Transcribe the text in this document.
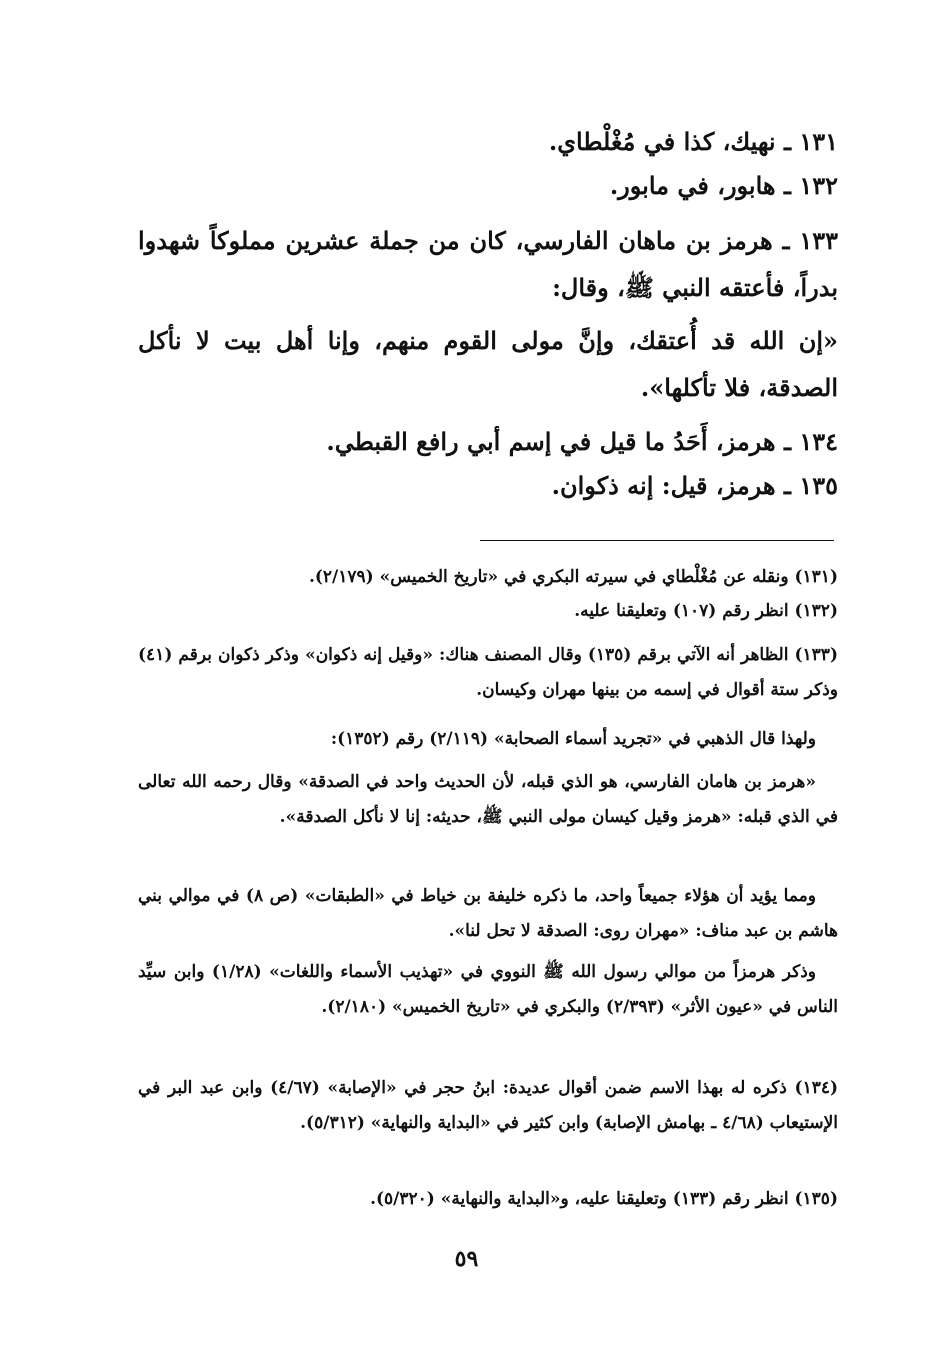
١٣١ ـ نهيك، كذا في مُغْلْطاي.

١٣٢ ـ هابور، في مابور.

١٣٣ ـ هرمز بن ماهان الفارسي، كان من جملة عشرين مملوكاً شهدوا بدراً، فأعتقه النبي ﷺ، وقال:

«إن الله قد أُعتقك، وإنَّ مولى القوم منهم، وإنا أهل بيت لا نأكل الصدقة، فلا تأكلها».

١٣٤ ـ هرمز، أَحَدُ ما قيل في إسم أبي رافع القبطي.

١٣٥ ـ هرمز، قيل: إنه ذكوان.

(١٣١) ونقله عن مُغْلْطاي في سيرته البكري في «تاريخ الخميس» (٢/١٧٩).

(١٣٢) انظر رقم (١٠٧) وتعليقنا عليه.

(١٣٣) الظاهر أنه الآتي برقم (١٣٥) وقال المصنف هناك: «وقيل إنه ذكوان» وذكر ذكوان برقم (٤١) وذكر ستة أقوال في إسمه من بينها مهران وكيسان.

ولهذا قال الذهبي في «تجريد أسماء الصحابة» (٢/١١٩) رقم (١٣٥٢):

«هرمز بن هامان الفارسي، هو الذي قبله، لأن الحديث واحد في الصدقة» وقال رحمه الله تعالى في الذي قبله: «هرمز وقيل كيسان مولى النبي ﷺ، حديثه: إنا لا نأكل الصدقة».

ومما يؤيد أن هؤلاء جميعاً واحد، ما ذكره خليفة بن خياط في «الطبقات» (ص ٨) في موالي بني هاشم بن عبد مناف: «مهران روى: الصدقة لا تحل لنا».

وذكر هرمزاً من موالي رسول الله ﷺ النووي في «تهذيب الأسماء واللغات» (١/٢٨) وابن سيِّد الناس في «عيون الأثر» (٢/٣٩٣) والبكري في «تاريخ الخميس» (٢/١٨٠).

(١٣٤) ذكره له بهذا الاسم ضمن أقوال عديدة: ابنُ حجر في «الإصابة» (٤/٦٧) وابن عبد البر في الإستيعاب (٤/٦٨ ـ بهامش الإصابة) وابن كثير في «البداية والنهاية» (٥/٣١٢).

(١٣٥) انظر رقم (١٣٣) وتعليقنا عليه، و«البداية والنهاية» (٥/٣٢٠).

٥٩
